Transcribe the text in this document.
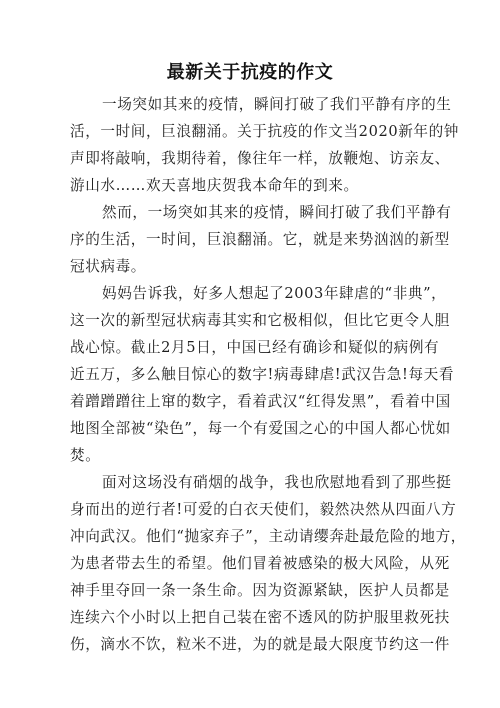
最新关于抗疫的作文
一场突如其来的疫情，瞬间打破了我们平静有序的生
活，一时间，巨浪翻涌。关于抗疫的作文当2020新年的钟
声即将敲响，我期待着，像往年一样，放鞭炮、访亲友、
游山水……欢天喜地庆贺我本命年的到来。
然而，一场突如其来的疫情，瞬间打破了我们平静有
序的生活，一时间，巨浪翻涌。它，就是来势汹汹的新型
冠状病毒。
妈妈告诉我，好多人想起了2003年肆虐的“非典”，
这一次的新型冠状病毒其实和它极相似，但比它更令人胆
战心惊。截止2月5日，中国已经有确诊和疑似的病例有
近五万，多么触目惊心的数字!病毒肆虐!武汉告急!每天看
着蹭蹭蹭往上窜的数字，看着武汉“红得发黑”，看着中国
地图全部被“染色”，每一个有爱国之心的中国人都心忧如
焚。
面对这场没有硝烟的战争，我也欣慰地看到了那些挺
身而出的逆行者!可爱的白衣天使们，毅然决然从四面八方
冲向武汉。他们“抛家弃子”，主动请缨奔赴最危险的地方，
为患者带去生的希望。他们冒着被感染的极大风险，从死
神手里夺回一条一条生命。因为资源紧缺，医护人员都是
连续六个小时以上把自己装在密不透风的防护服里救死扶
伤，滴水不饮，粒米不进，为的就是最大限度节约这一件
